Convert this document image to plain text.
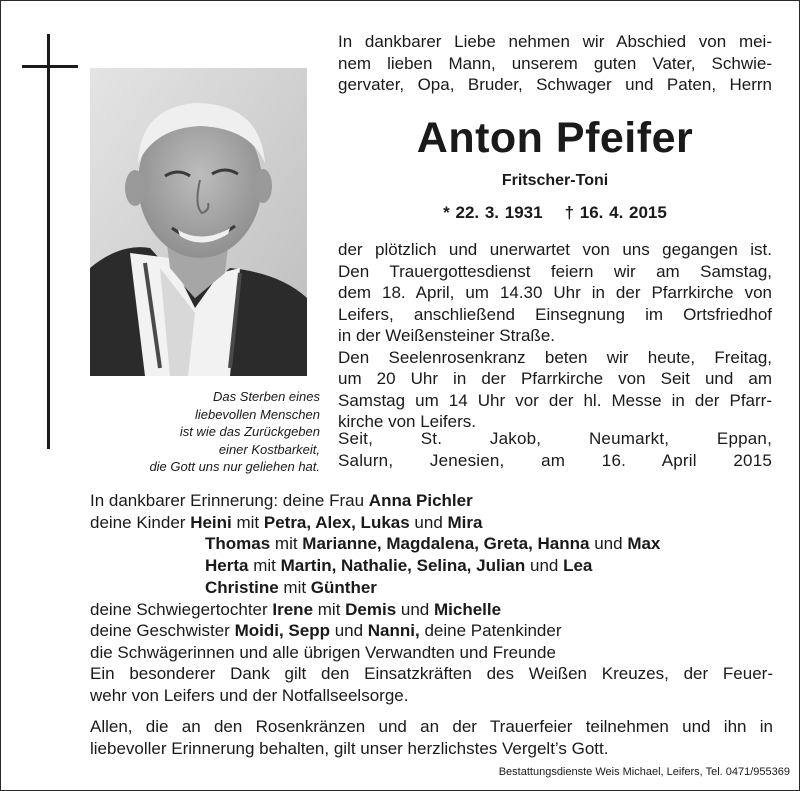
Das Sterben eines
liebevollen Menschen
ist wie das Zurückgeben
einer Kostbarkeit,
die Gott uns nur geliehen hat.
In dankbarer Liebe nehmen wir Abschied von mei-
nem lieben Mann, unserem guten Vater, Schwie-
gervater, Opa, Bruder, Schwager und Paten, Herrn
Anton Pfeifer
Fritscher-Toni
* 22. 3. 1931 † 16. 4. 2015
der plötzlich und unerwartet von uns gegangen ist.
Den Trauergottesdienst feiern wir am Samstag,
dem 18. April, um 14.30 Uhr in der Pfarrkirche von
Leifers, anschließend Einsegnung im Ortsfriedhof
in der Weißensteiner Straße.
Den Seelenrosenkranz beten wir heute, Freitag,
um 20 Uhr in der Pfarrkirche von Seit und am
Samstag um 14 Uhr vor der hl. Messe in der Pfarr-
kirche von Leifers.
Seit, St. Jakob, Neumarkt, Eppan,
Salurn, Jenesien, am 16. April 2015
In dankbarer Erinnerung: deine Frau Anna Pichler
deine Kinder Heini mit Petra, Alex, Lukas und Mira
Thomas mit Marianne, Magdalena, Greta, Hanna und Max
Herta mit Martin, Nathalie, Selina, Julian und Lea
Christine mit Günther
deine Schwiegertochter Irene mit Demis und Michelle
deine Geschwister Moidi, Sepp und Nanni, deine Patenkinder
die Schwägerinnen und alle übrigen Verwandten und Freunde
Ein besonderer Dank gilt den Einsatzkräften des Weißen Kreuzes, der Feuer-
wehr von Leifers und der Notfallseelsorge.
Allen, die an den Rosenkränzen und an der Trauerfeier teilnehmen und ihn in
liebevoller Erinnerung behalten, gilt unser herzlichstes Vergelt’s Gott.
Bestattungsdienste Weis Michael, Leifers, Tel. 0471/955369
